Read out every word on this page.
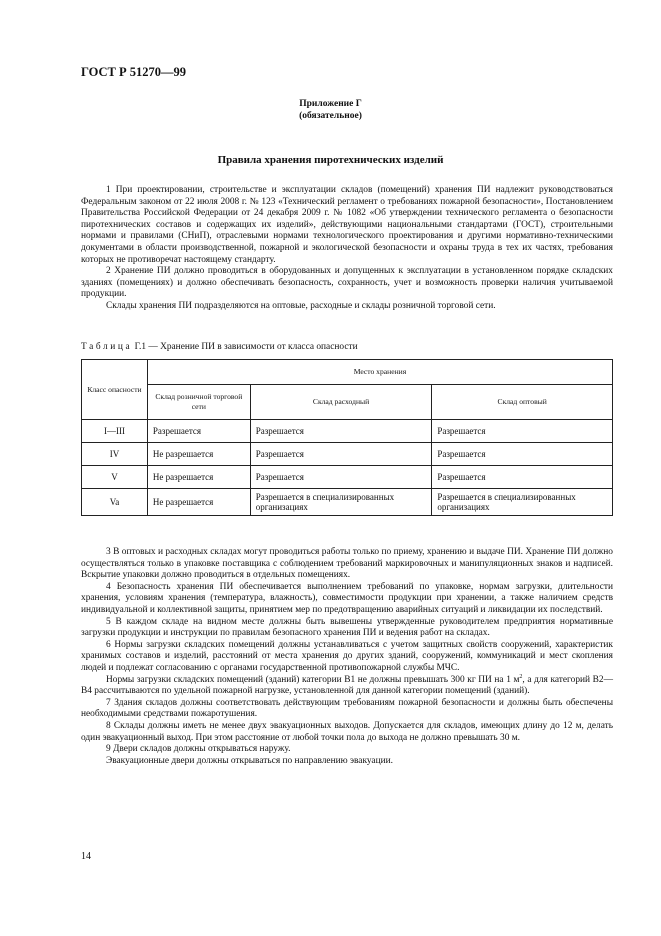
ГОСТ Р 51270—99
Приложение Г
(обязательное)
Правила хранения пиротехнических изделий

1 При проектировании, строительстве и эксплуатации складов (помещений) хранения ПИ надлежит руководствоваться Федеральным законом от 22 июля 2008 г. № 123 «Технический регламент о требованиях пожарной безопасности», Постановлением Правительства Российской Федерации от 24 декабря 2009 г. № 1082 «Об утверждении технического регламента о безопасности пиротехнических составов и содержащих их изделий», действующими национальными стандартами (ГОСТ), строительными нормами и правилами (СНиП), отраслевыми нормами технологического проектирования и другими нормативно-техническими документами в области производственной, пожарной и экологической безопасности и охраны труда в тех их частях, требования которых не противоречат настоящему стандарту.

2 Хранение ПИ должно проводиться в оборудованных и допущенных к эксплуатации в установленном порядке складских зданиях (помещениях) и должно обеспечивать безопасность, сохранность, учет и возможность проверки наличия учитываемой продукции.

Склады хранения ПИ подразделяются на оптовые, расходные и склады розничной торговой сети.

Таблица Г.1 — Хранение ПИ в зависимости от класса опасности
Класс опасности	Место хранения		
	Склад розничной торговой сети	Склад расходный	Склад оптовый
I—III	Разрешается	Разрешается	Разрешается
IV	Не разрешается	Разрешается	Разрешается
V	Не разрешается	Разрешается	Разрешается
Va	Не разрешается	Разрешается в специализированных организациях	Разрешается в специализированных организациях

3 В оптовых и расходных складах могут проводиться работы только по приему, хранению и выдаче ПИ. Хранение ПИ должно осуществляться только в упаковке поставщика с соблюдением требований маркировочных и манипуляционных знаков и надписей. Вскрытие упаковки должно проводиться в отдельных помещениях.

4 Безопасность хранения ПИ обеспечивается выполнением требований по упаковке, нормам загрузки, длительности хранения, условиям хранения (температура, влажность), совместимости продукции при хранении, а также наличием средств индивидуальной и коллективной защиты, принятием мер по предотвращению аварийных ситуаций и ликвидации их последствий.

5 В каждом складе на видном месте должны быть вывешены утвержденные руководителем предприятия нормативные загрузки продукции и инструкции по правилам безопасного хранения ПИ и ведения работ на складах.

6 Нормы загрузки складских помещений должны устанавливаться с учетом защитных свойств сооружений, характеристик хранимых составов и изделий, расстояний от места хранения до других зданий, сооружений, коммуникаций и мест скопления людей и подлежат согласованию с органами государственной противопожарной службы МЧС.

Нормы загрузки складских помещений (зданий) категории В1 не должны превышать 300 кг ПИ на 1 $м^2$, а для категорий В2—В4 рассчитываются по удельной пожарной нагрузке, установленной для данной категории помещений (зданий).

7 Здания складов должны соответствовать действующим требованиям пожарной безопасности и должны быть обеспечены необходимыми средствами пожаротушения.

8 Склады должны иметь не менее двух эвакуационных выходов. Допускается для складов, имеющих длину до 12 м, делать один эвакуационный выход. При этом расстояние от любой точки пола до выхода не должно превышать 30 м.

9 Двери складов должны открываться наружу.

Эвакуационные двери должны открываться по направлению эвакуации.

14
